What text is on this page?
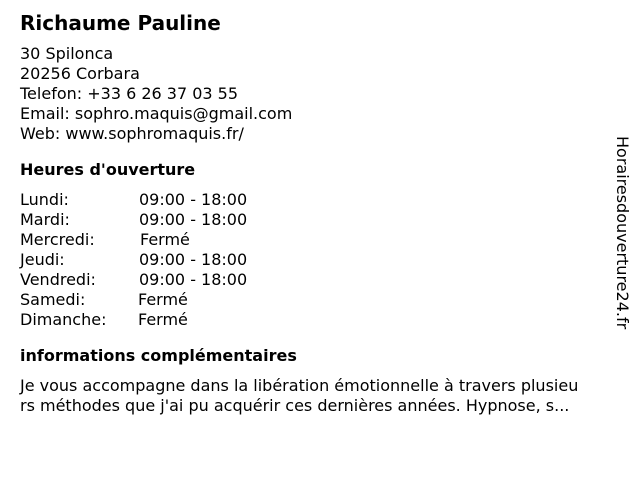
Richaume Pauline
30 Spilonca
20256 Corbara
Telefon: +33 6 26 37 03 55
Email: sophro.maquis@gmail.com
Web: www.sophromaquis.fr/
Heures d'ouverture
Lundi:	09:00 - 18:00
Mardi:	09:00 - 18:00
Mercredi:	Fermé
Jeudi:	09:00 - 18:00
Vendredi:	09:00 - 18:00
Samedi:	Fermé
Dimanche: Fermé
informations complémentaires
Je vous accompagne dans la libération émotionnelle à travers plusieu
rs méthodes que j'ai pu acquérir ces dernières années. Hypnose, s...
Horairesdouverture24.fr
